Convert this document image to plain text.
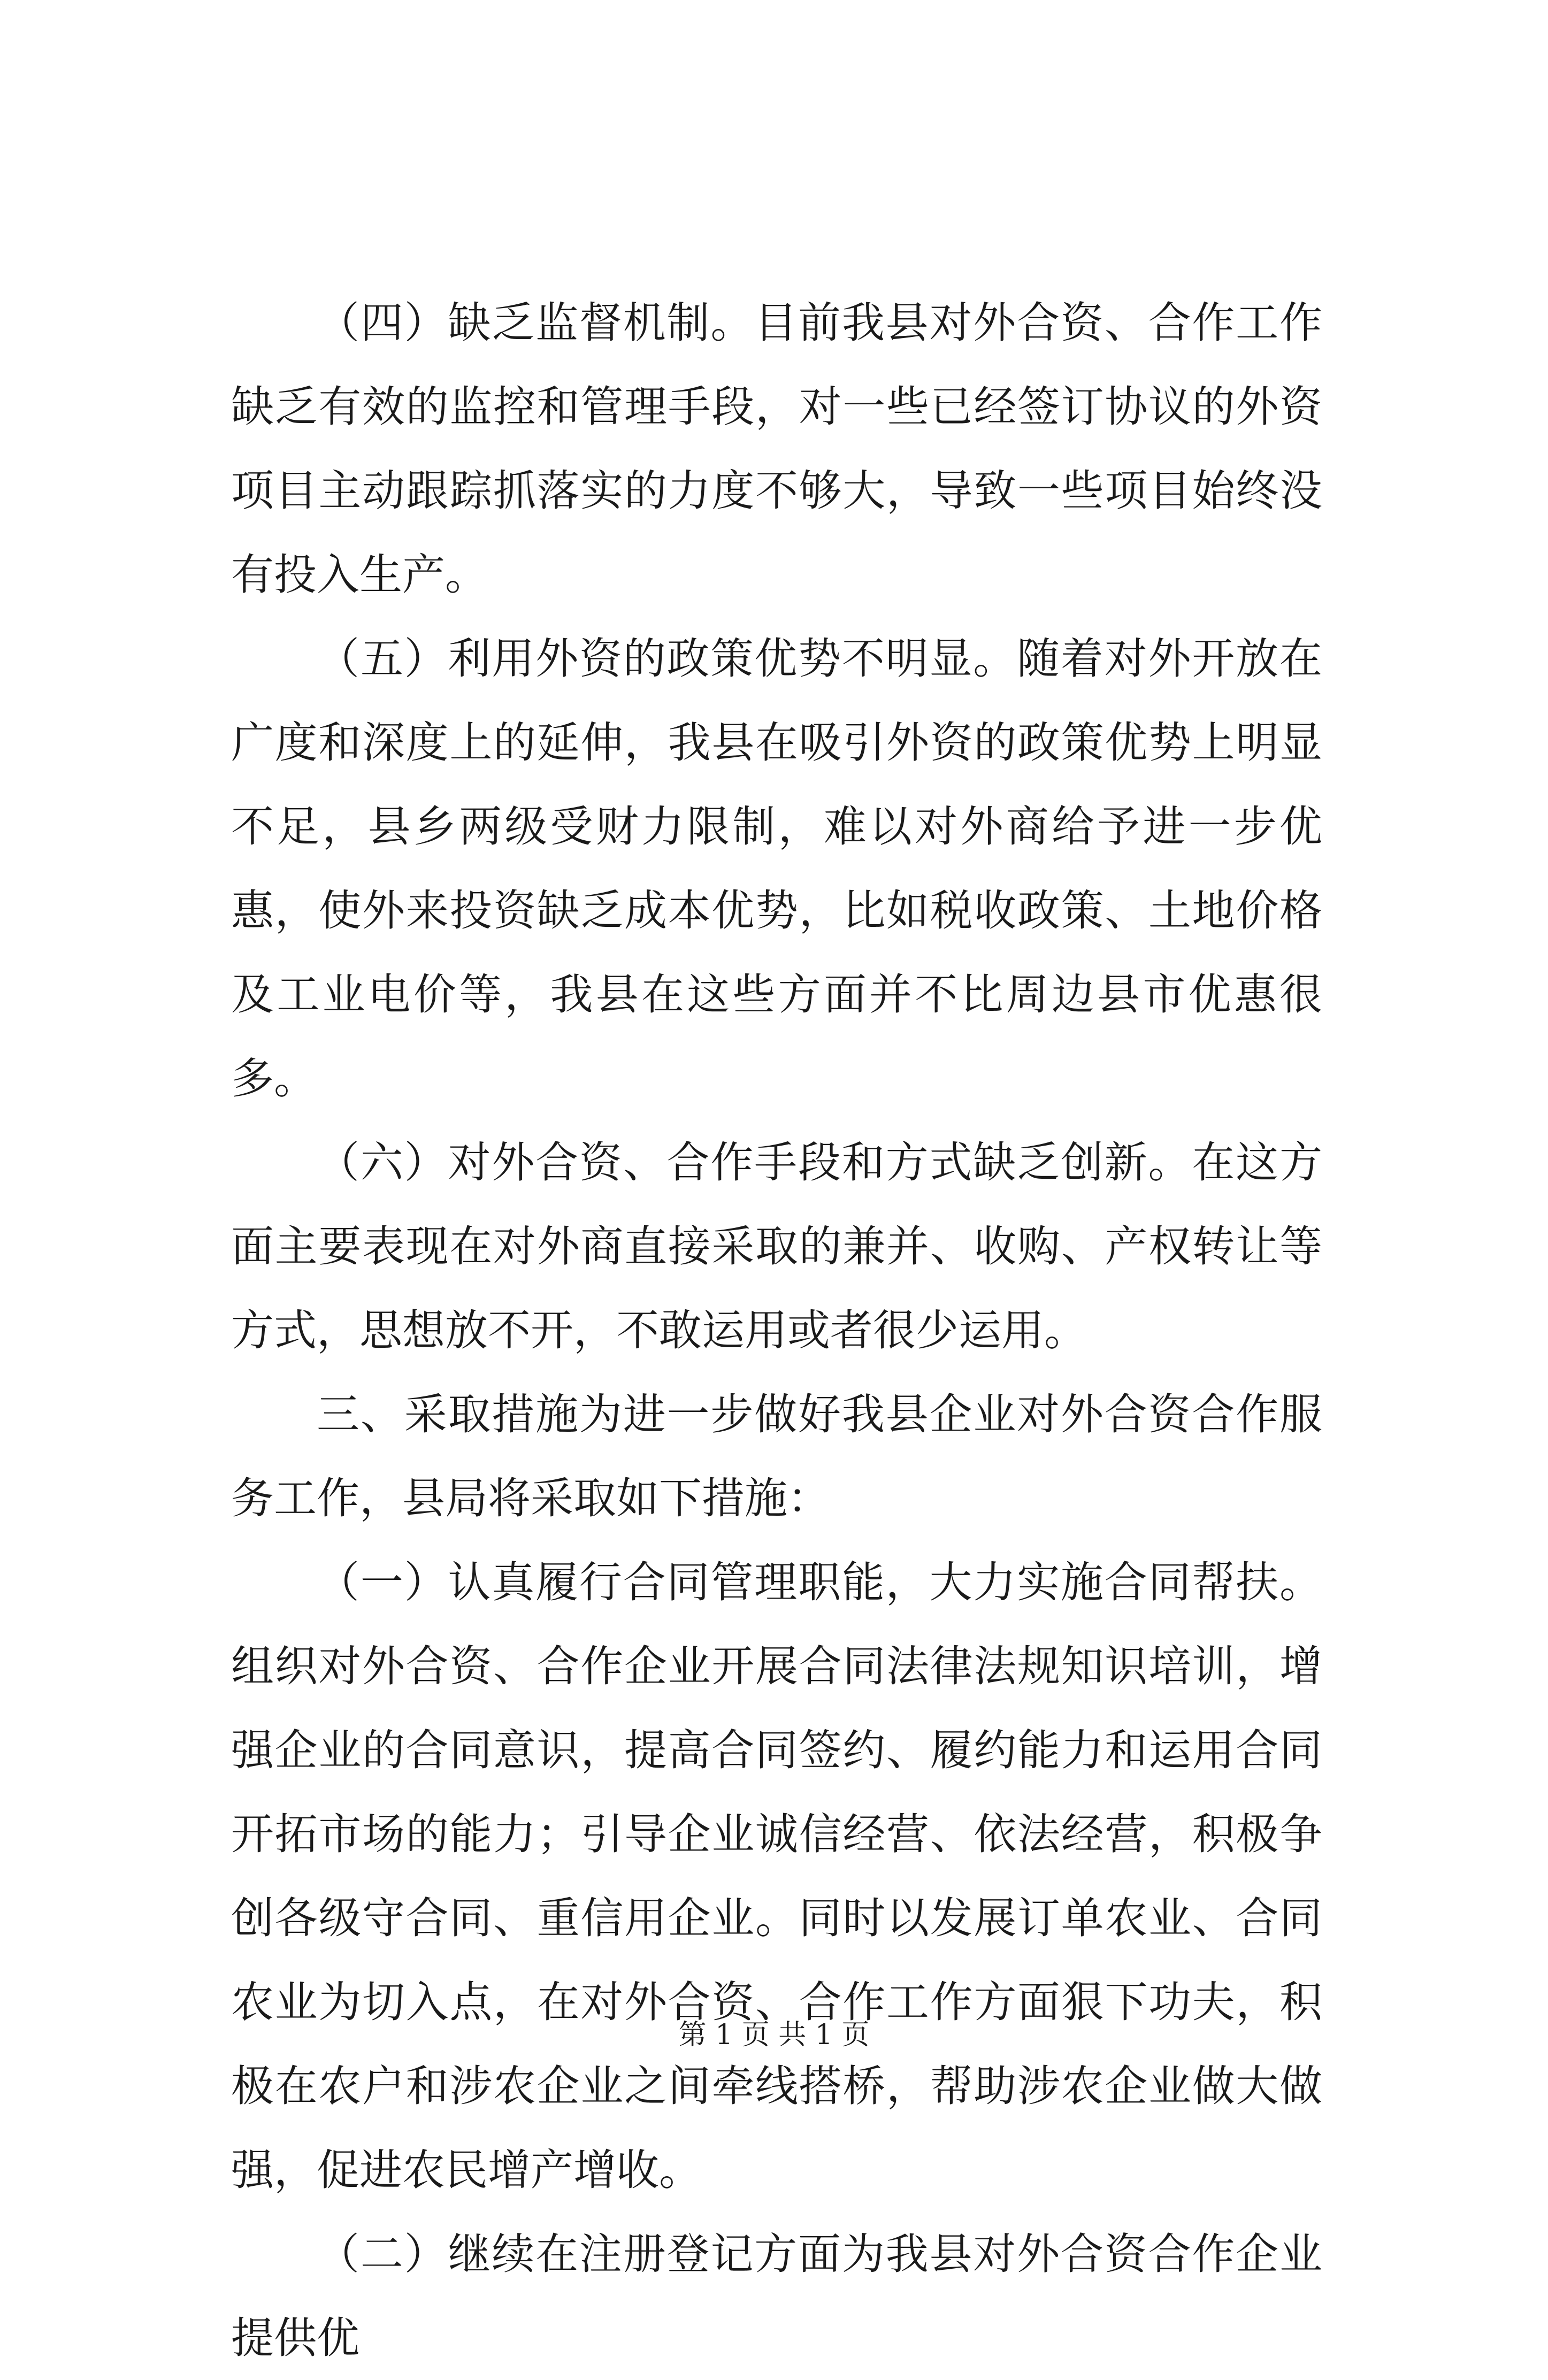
（四）缺乏监督机制。目前我县对外合资、合作工作缺乏有效的监控和管理手段，对一些已经签订协议的外资项目主动跟踪抓落实的力度不够大，导致一些项目始终没有投入生产。

（五）利用外资的政策优势不明显。随着对外开放在广度和深度上的延伸，我县在吸引外资的政策优势上明显不足，县乡两级受财力限制，难以对外商给予进一步优惠，使外来投资缺乏成本优势，比如税收政策、土地价格及工业电价等，我县在这些方面并不比周边县市优惠很多。

（六）对外合资、合作手段和方式缺乏创新。在这方面主要表现在对外商直接采取的兼并、收购、产权转让等方式，思想放不开，不敢运用或者很少运用。

三、采取措施为进一步做好我县企业对外合资合作服务工作，县局将采取如下措施：

（一）认真履行合同管理职能，大力实施合同帮扶。组织对外合资、合作企业开展合同法律法规知识培训，增强企业的合同意识，提高合同签约、履约能力和运用合同开拓市场的能力；引导企业诚信经营、依法经营，积极争创各级守合同、重信用企业。同时以发展订单农业、合同农业为切入点，在对外合资、合作工作方面狠下功夫，积极在农户和涉农企业之间牵线搭桥，帮助涉农企业做大做强，促进农民增产增收。

（二）继续在注册登记方面为我县对外合资合作企业提供优

第 1 页 共 1 页
